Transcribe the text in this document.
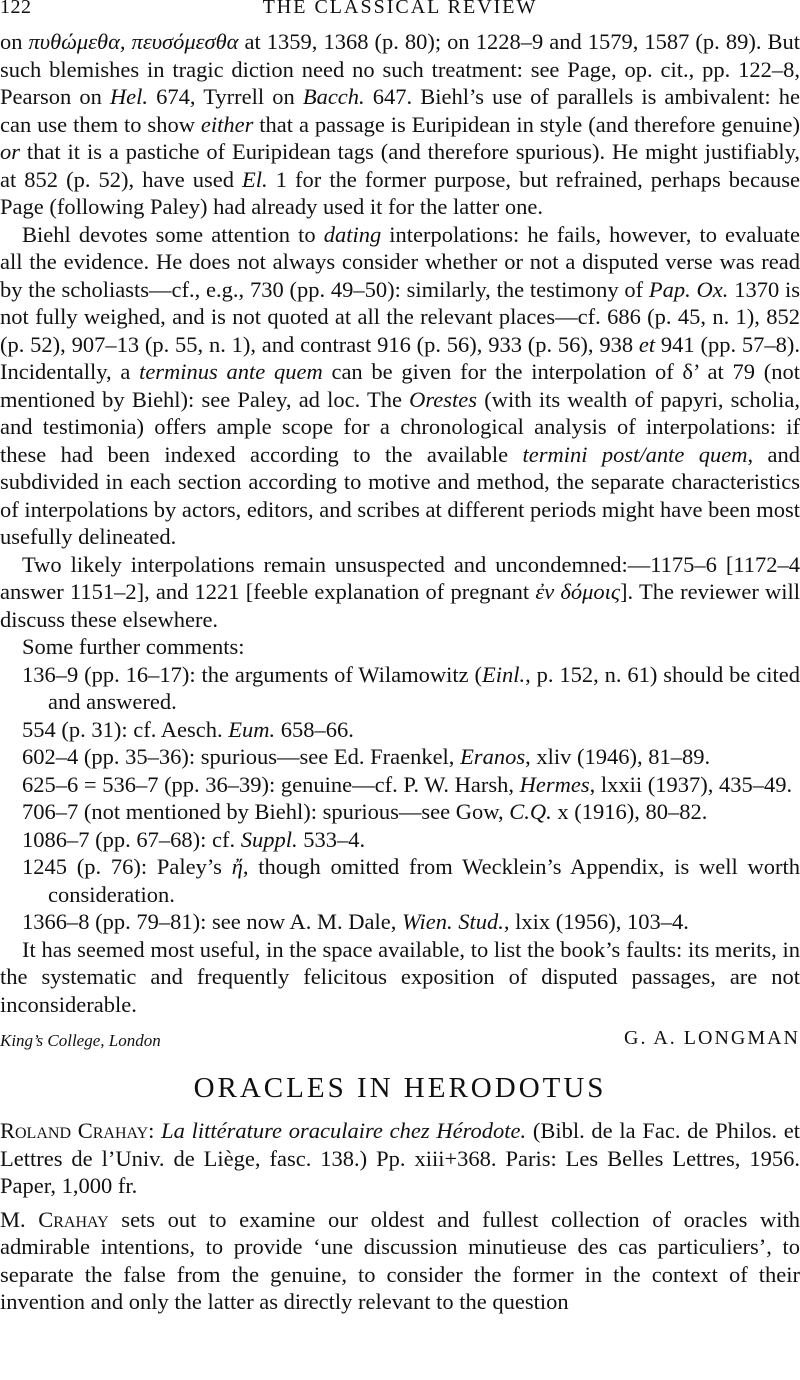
122	THE CLASSICAL REVIEW

on πυθώμεθα, πευσόμεσθα at 1359, 1368 (p. 80); on 1228–9 and 1579, 1587 (p. 89). But such blemishes in tragic diction need no such treatment: see Page, op. cit., pp. 122–8, Pearson on Hel. 674, Tyrrell on Bacch. 647. Biehl’s use of parallels is ambivalent: he can use them to show either that a passage is Euripidean in style (and therefore genuine) or that it is a pastiche of Euripidean tags (and therefore spurious). He might justifiably, at 852 (p. 52), have used El. 1 for the former purpose, but refrained, perhaps because Page (following Paley) had already used it for the latter one.

Biehl devotes some attention to dating interpolations: he fails, however, to evaluate all the evidence. He does not always consider whether or not a disputed verse was read by the scholiasts—cf., e.g., 730 (pp. 49–50): similarly, the testimony of Pap. Ox. 1370 is not fully weighed, and is not quoted at all the relevant places—cf. 686 (p. 45, n. 1), 852 (p. 52), 907–13 (p. 55, n. 1), and contrast 916 (p. 56), 933 (p. 56), 938 et 941 (pp. 57–8). Incidentally, a terminus ante quem can be given for the interpolation of δ’ at 79 (not mentioned by Biehl): see Paley, ad loc. The Orestes (with its wealth of papyri, scholia, and testimonia) offers ample scope for a chronological analysis of interpolations: if these had been indexed according to the available termini post/ante quem, and subdivided in each section according to motive and method, the separate characteristics of interpolations by actors, editors, and scribes at different periods might have been most usefully delineated.

Two likely interpolations remain unsuspected and uncondemned:—1175–6 [1172–4 answer 1151–2], and 1221 [feeble explanation of pregnant ἐν δόμοις]. The reviewer will discuss these elsewhere.

Some further comments:

136–9 (pp. 16–17): the arguments of Wilamowitz (Einl., p. 152, n. 61) should be cited and answered.

554 (p. 31): cf. Aesch. Eum. 658–66.

602–4 (pp. 35–36): spurious—see Ed. Fraenkel, Eranos, xliv (1946), 81–89.

625–6 = 536–7 (pp. 36–39): genuine—cf. P. W. Harsh, Hermes, lxxii (1937), 435–49.

706–7 (not mentioned by Biehl): spurious—see Gow, C.Q. x (1916), 80–82.

1086–7 (pp. 67–68): cf. Suppl. 533–4.

1245 (p. 76): Paley’s ἤ, though omitted from Wecklein’s Appendix, is well worth consideration.

1366–8 (pp. 79–81): see now A. M. Dale, Wien. Stud., lxix (1956), 103–4.

It has seemed most useful, in the space available, to list the book’s faults: its merits, in the systematic and frequently felicitous exposition of disputed passages, are not inconsiderable.

King’s College, London	G. A. LONGMAN
ORACLES IN HERODOTUS

Roland Crahay: La littérature oraculaire chez Hérodote. (Bibl. de la Fac. de Philos. et Lettres de l’Univ. de Liège, fasc. 138.) Pp. xiii+368. Paris: Les Belles Lettres, 1956. Paper, 1,000 fr.

M. Crahay sets out to examine our oldest and fullest collection of oracles with admirable intentions, to provide ‘une discussion minutieuse des cas particuliers’, to separate the false from the genuine, to consider the former in the context of their invention and only the latter as directly relevant to the question
